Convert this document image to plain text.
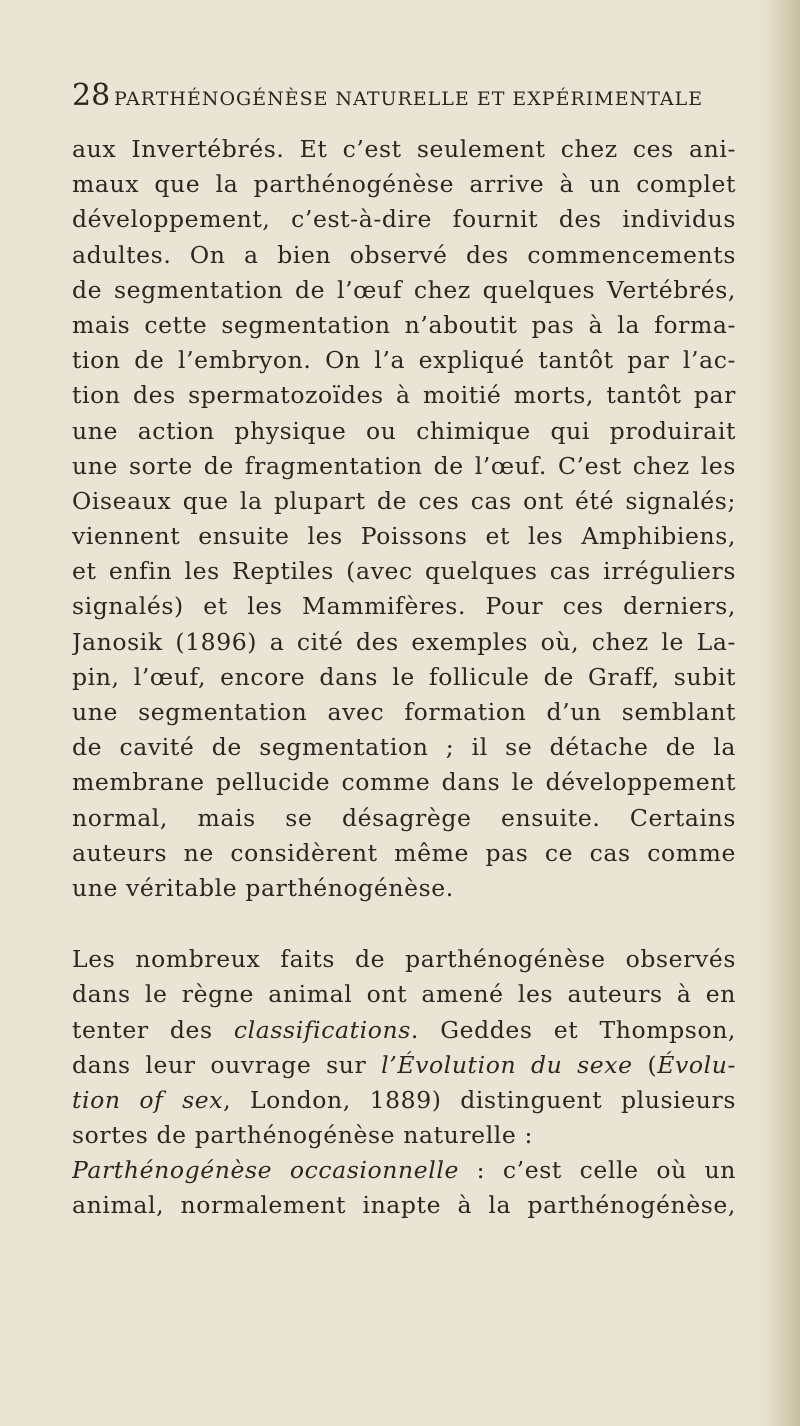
28 PARTHÉNOGÉNÈSE NATURELLE ET EXPÉRIMENTALE
aux Invertébrés. Et c’est seulement chez ces ani-
maux que la parthénogénèse arrive à un complet
développement, c’est-à-dire fournit des individus
adultes. On a bien observé des commencements
de segmentation de l’œuf chez quelques Vertébrés,
mais cette segmentation n’aboutit pas à la forma-
tion de l’embryon. On l’a expliqué tantôt par l’ac-
tion des spermatozoïdes à moitié morts, tantôt par
une action physique ou chimique qui produirait
une sorte de fragmentation de l’œuf. C’est chez les
Oiseaux que la plupart de ces cas ont été signalés;
viennent ensuite les Poissons et les Amphibiens,
et enfin les Reptiles (avec quelques cas irréguliers
signalés) et les Mammifères. Pour ces derniers,
Janosik (1896) a cité des exemples où, chez le La-
pin, l’œuf, encore dans le follicule de Graff, subit
une segmentation avec formation d’un semblant
de cavité de segmentation ; il se détache de la
membrane pellucide comme dans le développement
normal, mais se désagrège ensuite. Certains
auteurs ne considèrent même pas ce cas comme
une véritable parthénogénèse.
Les nombreux faits de parthénogénèse observés
dans le règne animal ont amené les auteurs à en
tenter des classifications. Geddes et Thompson,
dans leur ouvrage sur l’Évolution du sexe (Évolu-
tion of sex, London, 1889) distinguent plusieurs
sortes de parthénogénèse naturelle :
Parthénogénèse occasionnelle : c’est celle où un
animal, normalement inapte à la parthénogénèse,
